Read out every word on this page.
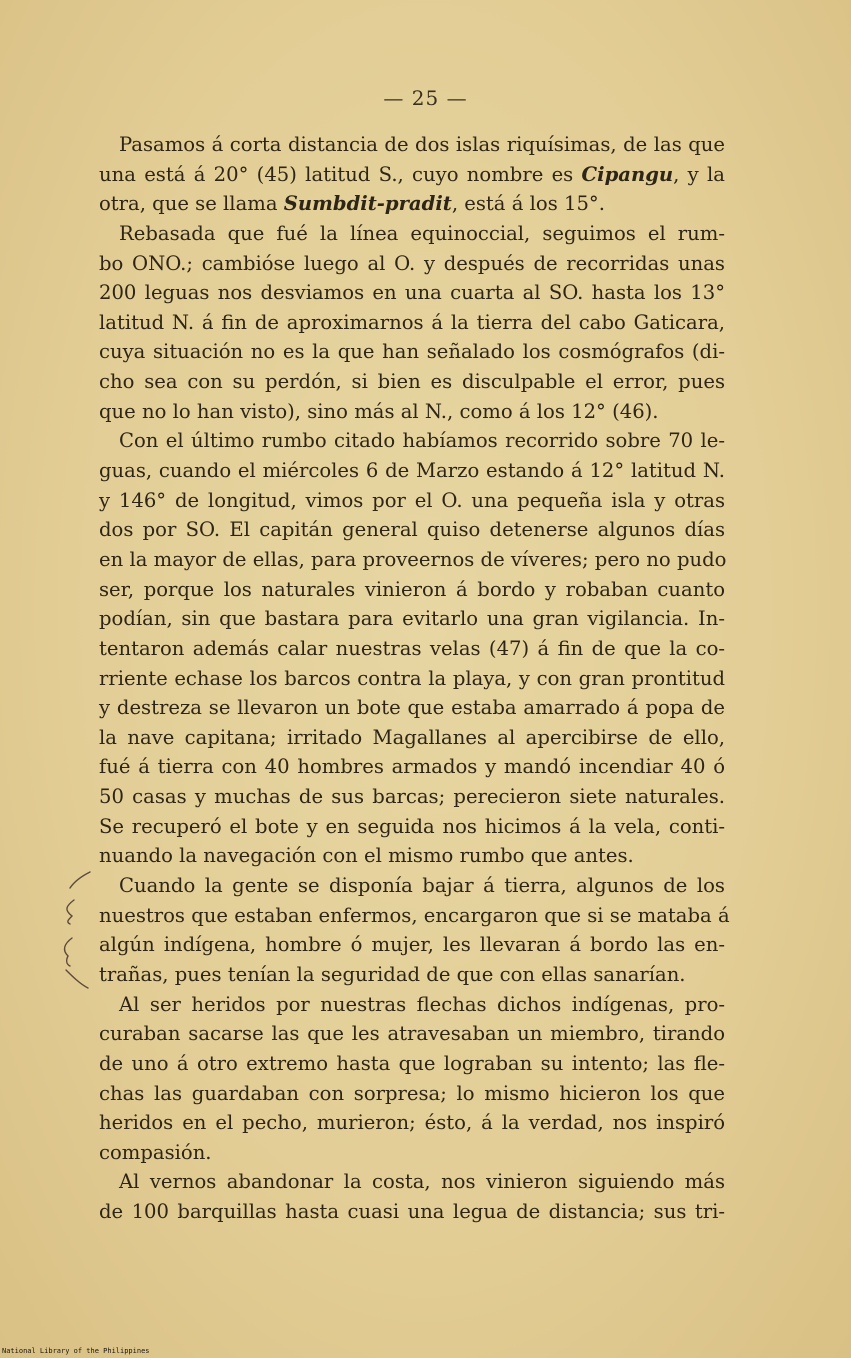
— 25 —
Pasamos á corta distancia de dos islas riquísimas, de las que
una está á 20° (45) latitud S., cuyo nombre es Cipangu, y la
otra, que se llama Sumbdit-pradit, está á los 15°.
Rebasada que fué la línea equinoccial, seguimos el rum-
bo ONO.; cambióse luego al O. y después de recorridas unas
200 leguas nos desviamos en una cuarta al SO. hasta los 13°
latitud N. á fin de aproximarnos á la tierra del cabo Gaticara,
cuya situación no es la que han señalado los cosmógrafos (di-
cho sea con su perdón, si bien es disculpable el error, pues
que no lo han visto), sino más al N., como á los 12° (46).
Con el último rumbo citado habíamos recorrido sobre 70 le-
guas, cuando el miércoles 6 de Marzo estando á 12° latitud N.
y 146° de longitud, vimos por el O. una pequeña isla y otras
dos por SO. El capitán general quiso detenerse algunos días
en la mayor de ellas, para proveernos de víveres; pero no pudo
ser, porque los naturales vinieron á bordo y robaban cuanto
podían, sin que bastara para evitarlo una gran vigilancia. In-
tentaron además calar nuestras velas (47) á fin de que la co-
rriente echase los barcos contra la playa, y con gran prontitud
y destreza se llevaron un bote que estaba amarrado á popa de
la nave capitana; irritado Magallanes al apercibirse de ello,
fué á tierra con 40 hombres armados y mandó incendiar 40 ó
50 casas y muchas de sus barcas; perecieron siete naturales.
Se recuperó el bote y en seguida nos hicimos á la vela, conti-
nuando la navegación con el mismo rumbo que antes.
Cuando la gente se disponía bajar á tierra, algunos de los
nuestros que estaban enfermos, encargaron que si se mataba á
algún indígena, hombre ó mujer, les llevaran á bordo las en-
trañas, pues tenían la seguridad de que con ellas sanarían.
Al ser heridos por nuestras flechas dichos indígenas, pro-
curaban sacarse las que les atravesaban un miembro, tirando
de uno á otro extremo hasta que lograban su intento; las fle-
chas las guardaban con sorpresa; lo mismo hicieron los que
heridos en el pecho, murieron; ésto, á la verdad, nos inspiró
compasión.
Al vernos abandonar la costa, nos vinieron siguiendo más
de 100 barquillas hasta cuasi una legua de distancia; sus tri-
National Library of the Philippines
